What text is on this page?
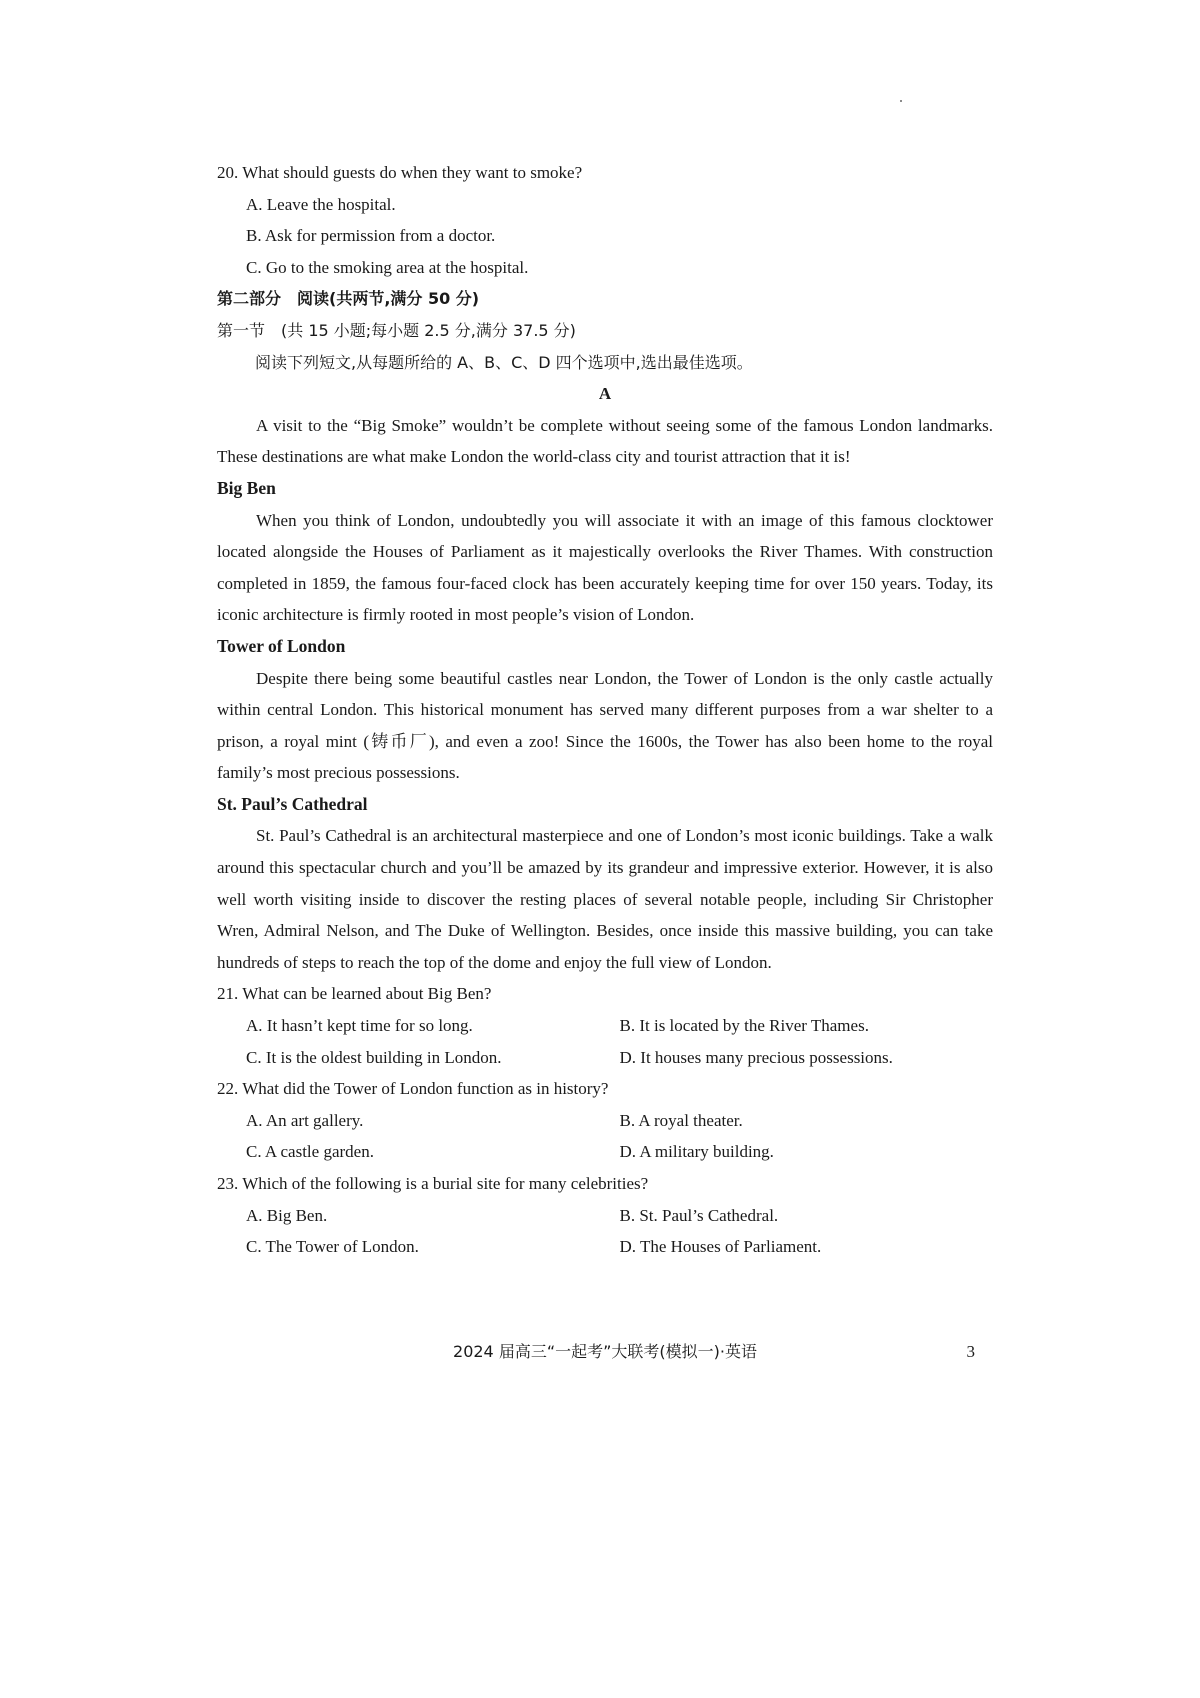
20. What should guests do when they want to smoke?
A. Leave the hospital.
B. Ask for permission from a doctor.
C. Go to the smoking area at the hospital.
第二部分　阅读(共两节,满分 50 分)
第一节　(共 15 小题;每小题 2.5 分,满分 37.5 分)
阅读下列短文,从每题所给的 A、B、C、D 四个选项中,选出最佳选项。
A

A visit to the “Big Smoke” wouldn’t be complete without seeing some of the famous London landmarks. These destinations are what make London the world-class city and tourist attraction that it is!

Big Ben

When you think of London, undoubtedly you will associate it with an image of this famous clocktower located alongside the Houses of Parliament as it majestically overlooks the River Thames. With construction completed in 1859, the famous four-faced clock has been accurately keeping time for over 150 years. Today, its iconic architecture is firmly rooted in most people’s vision of London.

Tower of London

Despite there being some beautiful castles near London, the Tower of London is the only castle actually within central London. This historical monument has served many different purposes from a war shelter to a prison, a royal mint (铸币厂), and even a zoo! Since the 1600s, the Tower has also been home to the royal family’s most precious possessions.

St. Paul’s Cathedral

St. Paul’s Cathedral is an architectural masterpiece and one of London’s most iconic buildings. Take a walk around this spectacular church and you’ll be amazed by its grandeur and impressive exterior. However, it is also well worth visiting inside to discover the resting places of several notable people, including Sir Christopher Wren, Admiral Nelson, and The Duke of Wellington. Besides, once inside this massive building, you can take hundreds of steps to reach the top of the dome and enjoy the full view of London.

21. What can be learned about Big Ben?
A. It hasn’t kept time for so long.	B. It is located by the River Thames.
C. It is the oldest building in London.	D. It houses many precious possessions.
22. What did the Tower of London function as in history?
A. An art gallery.	B. A royal theater.
C. A castle garden.	D. A military building.
23. Which of the following is a burial site for many celebrities?
A. Big Ben.	B. St. Paul’s Cathedral.
C. The Tower of London.	D. The Houses of Parliament.
2024 届高三“一起考”大联考(模拟一)·英语	3
